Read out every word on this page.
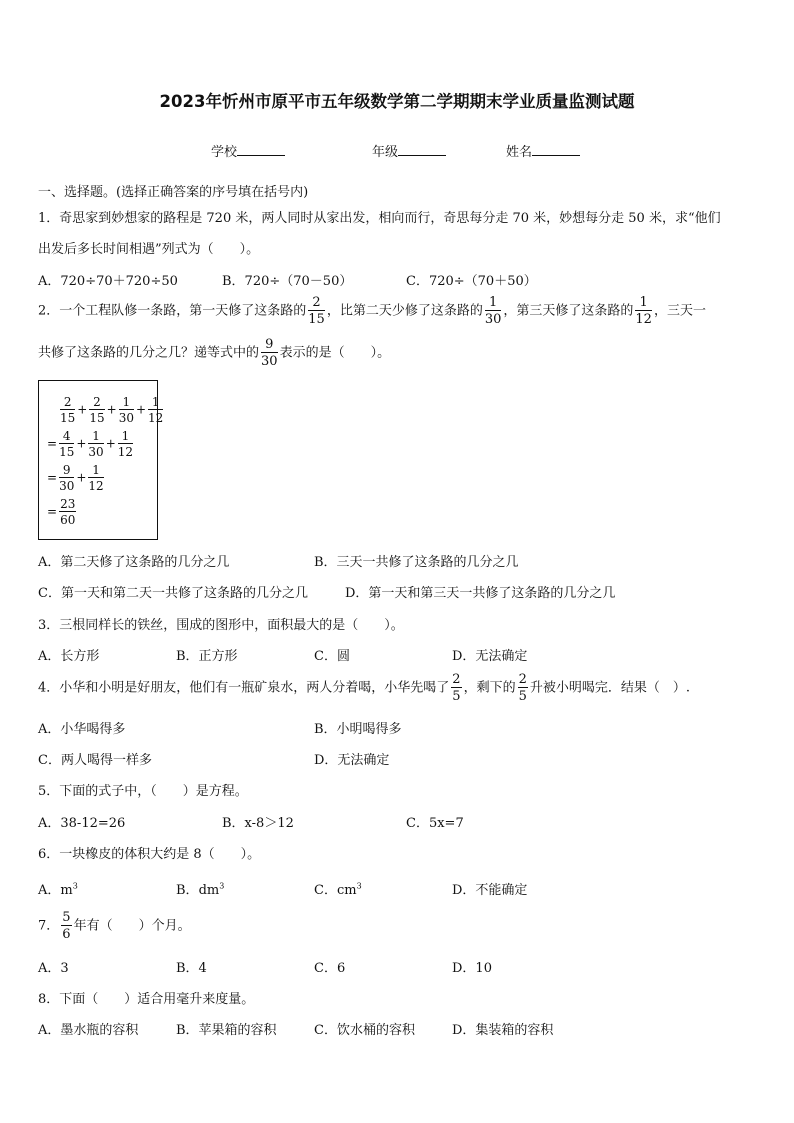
2023年忻州市原平市五年级数学第二学期期末学业质量监测试题
学校	年级	姓名
一、选择题。(选择正确答案的序号填在括号内)
1．奇思家到妙想家的路程是 720 米，两人同时从家出发，相向而行，奇思每分走 70 米，妙想每分走 50 米，求“他们
出发后多长时间相遇”列式为（　　）。
A．720÷70＋720÷50	B．720÷（70－50）	C．720÷（70＋50）
2．一个工程队修一条路，第一天修了这条路的 $\frac{2}{15}$ ，比第二天少修了这条路的 $\frac{1}{30}$ ，第三天修了这条路的 $\frac{1}{12}$ ，三天一
共修了这条路的几分之几？递等式中的 $\frac{9}{30}$ 表示的是（　　）。
$\frac{2}{15} + \frac{2}{15} + \frac{1}{30} + \frac{1}{12}$
= $\frac{4}{15} + \frac{1}{30} + \frac{1}{12}$
= $\frac{9}{30} + \frac{1}{12}$
= $\frac{23}{60}$
A．第二天修了这条路的几分之几	B．三天一共修了这条路的几分之几
C．第一天和第二天一共修了这条路的几分之几	D．第一天和第三天一共修了这条路的几分之几
3．三根同样长的铁丝，围成的图形中，面积最大的是（　　）。
A．长方形	B．正方形	C．圆	D．无法确定
4．小华和小明是好朋友，他们有一瓶矿泉水，两人分着喝，小华先喝了 $\frac{2}{5}$ ，剩下的 $\frac{2}{5}$ 升被小明喝完．结果（　）.
A．小华喝得多	B．小明喝得多
C．两人喝得一样多	D．无法确定
5．下面的式子中，（　　）是方程。
A．38-12=26	B．x-8＞12	C．5x=7
6．一块橡皮的体积大约是 8（　　）。
A．$m^3$	B．$dm^3$	C．$cm^3$	D．不能确定
7． $\frac{5}{6}$ 年有（　　）个月。
A．3	B．4	C．6	D．10
8．下面（　　）适合用毫升来度量。
A．墨水瓶的容积	B．苹果箱的容积	C．饮水桶的容积	D．集装箱的容积
